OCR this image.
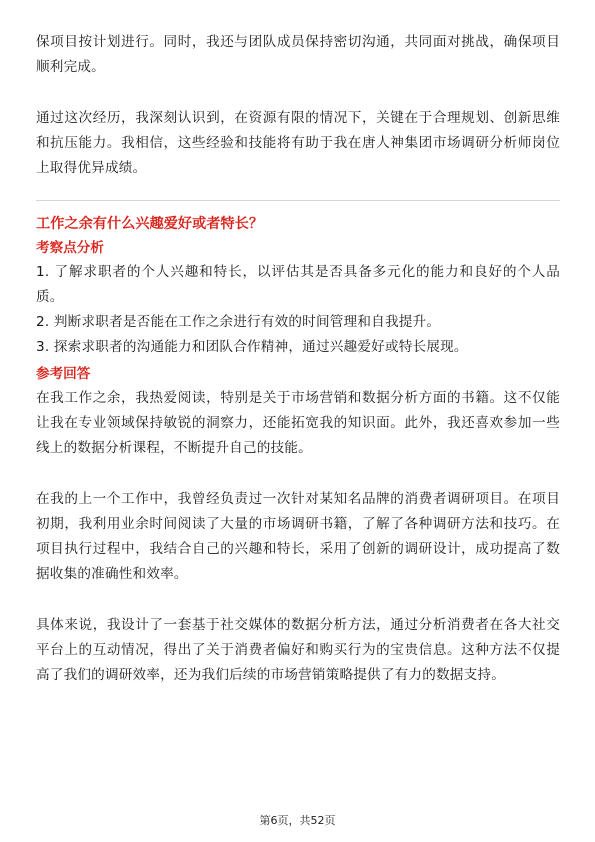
保项目按计划进行。同时，我还与团队成员保持密切沟通，共同面对挑战，确保项目顺利完成。

通过这次经历，我深刻认识到，在资源有限的情况下，关键在于合理规划、创新思维和抗压能力。我相信，这些经验和技能将有助于我在唐人神集团市场调研分析师岗位上取得优异成绩。

工作之余有什么兴趣爱好或者特长？

考察点分析

1. 了解求职者的个人兴趣和特长，以评估其是否具备多元化的能力和良好的个人品质。

2. 判断求职者是否能在工作之余进行有效的时间管理和自我提升。

3. 探索求职者的沟通能力和团队合作精神，通过兴趣爱好或特长展现。

参考回答

在我工作之余，我热爱阅读，特别是关于市场营销和数据分析方面的书籍。这不仅能让我在专业领域保持敏锐的洞察力，还能拓宽我的知识面。此外，我还喜欢参加一些线上的数据分析课程，不断提升自己的技能。

在我的上一个工作中，我曾经负责过一次针对某知名品牌的消费者调研项目。在项目初期，我利用业余时间阅读了大量的市场调研书籍，了解了各种调研方法和技巧。在项目执行过程中，我结合自己的兴趣和特长，采用了创新的调研设计，成功提高了数据收集的准确性和效率。

具体来说，我设计了一套基于社交媒体的数据分析方法，通过分析消费者在各大社交平台上的互动情况，得出了关于消费者偏好和购买行为的宝贵信息。这种方法不仅提高了我们的调研效率，还为我们后续的市场营销策略提供了有力的数据支持。

第6页，共52页
